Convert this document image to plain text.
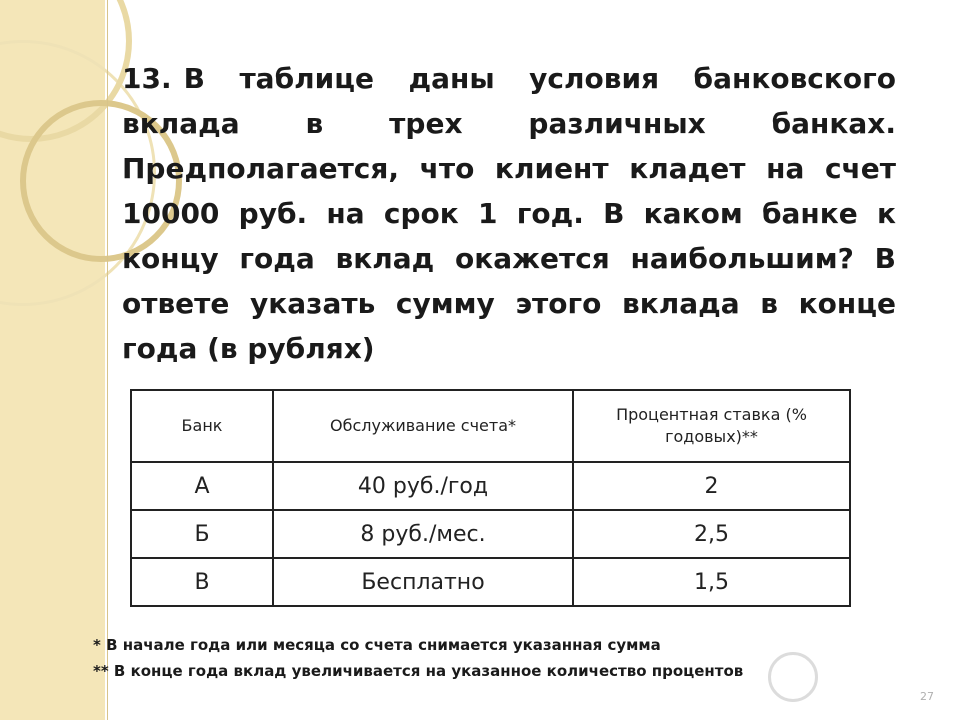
13. В таблице даны условия банковского вклада в трех различных банках. Предполагается, что клиент кладет на счет 10000 руб. на срок 1 год. В каком банке к концу года вклад окажется наибольшим? В ответе указать сумму этого вклада в конце года (в рублях)
Банк	Обслуживание счета*	Процентная ставка (% годовых)**
А	40 руб./год	2
Б	8 руб./мес.	2,5
В	Бесплатно	1,5
* В начале года или месяца со счета снимается указанная сумма
** В конце года вклад увеличивается на указанное количество процентов
27
